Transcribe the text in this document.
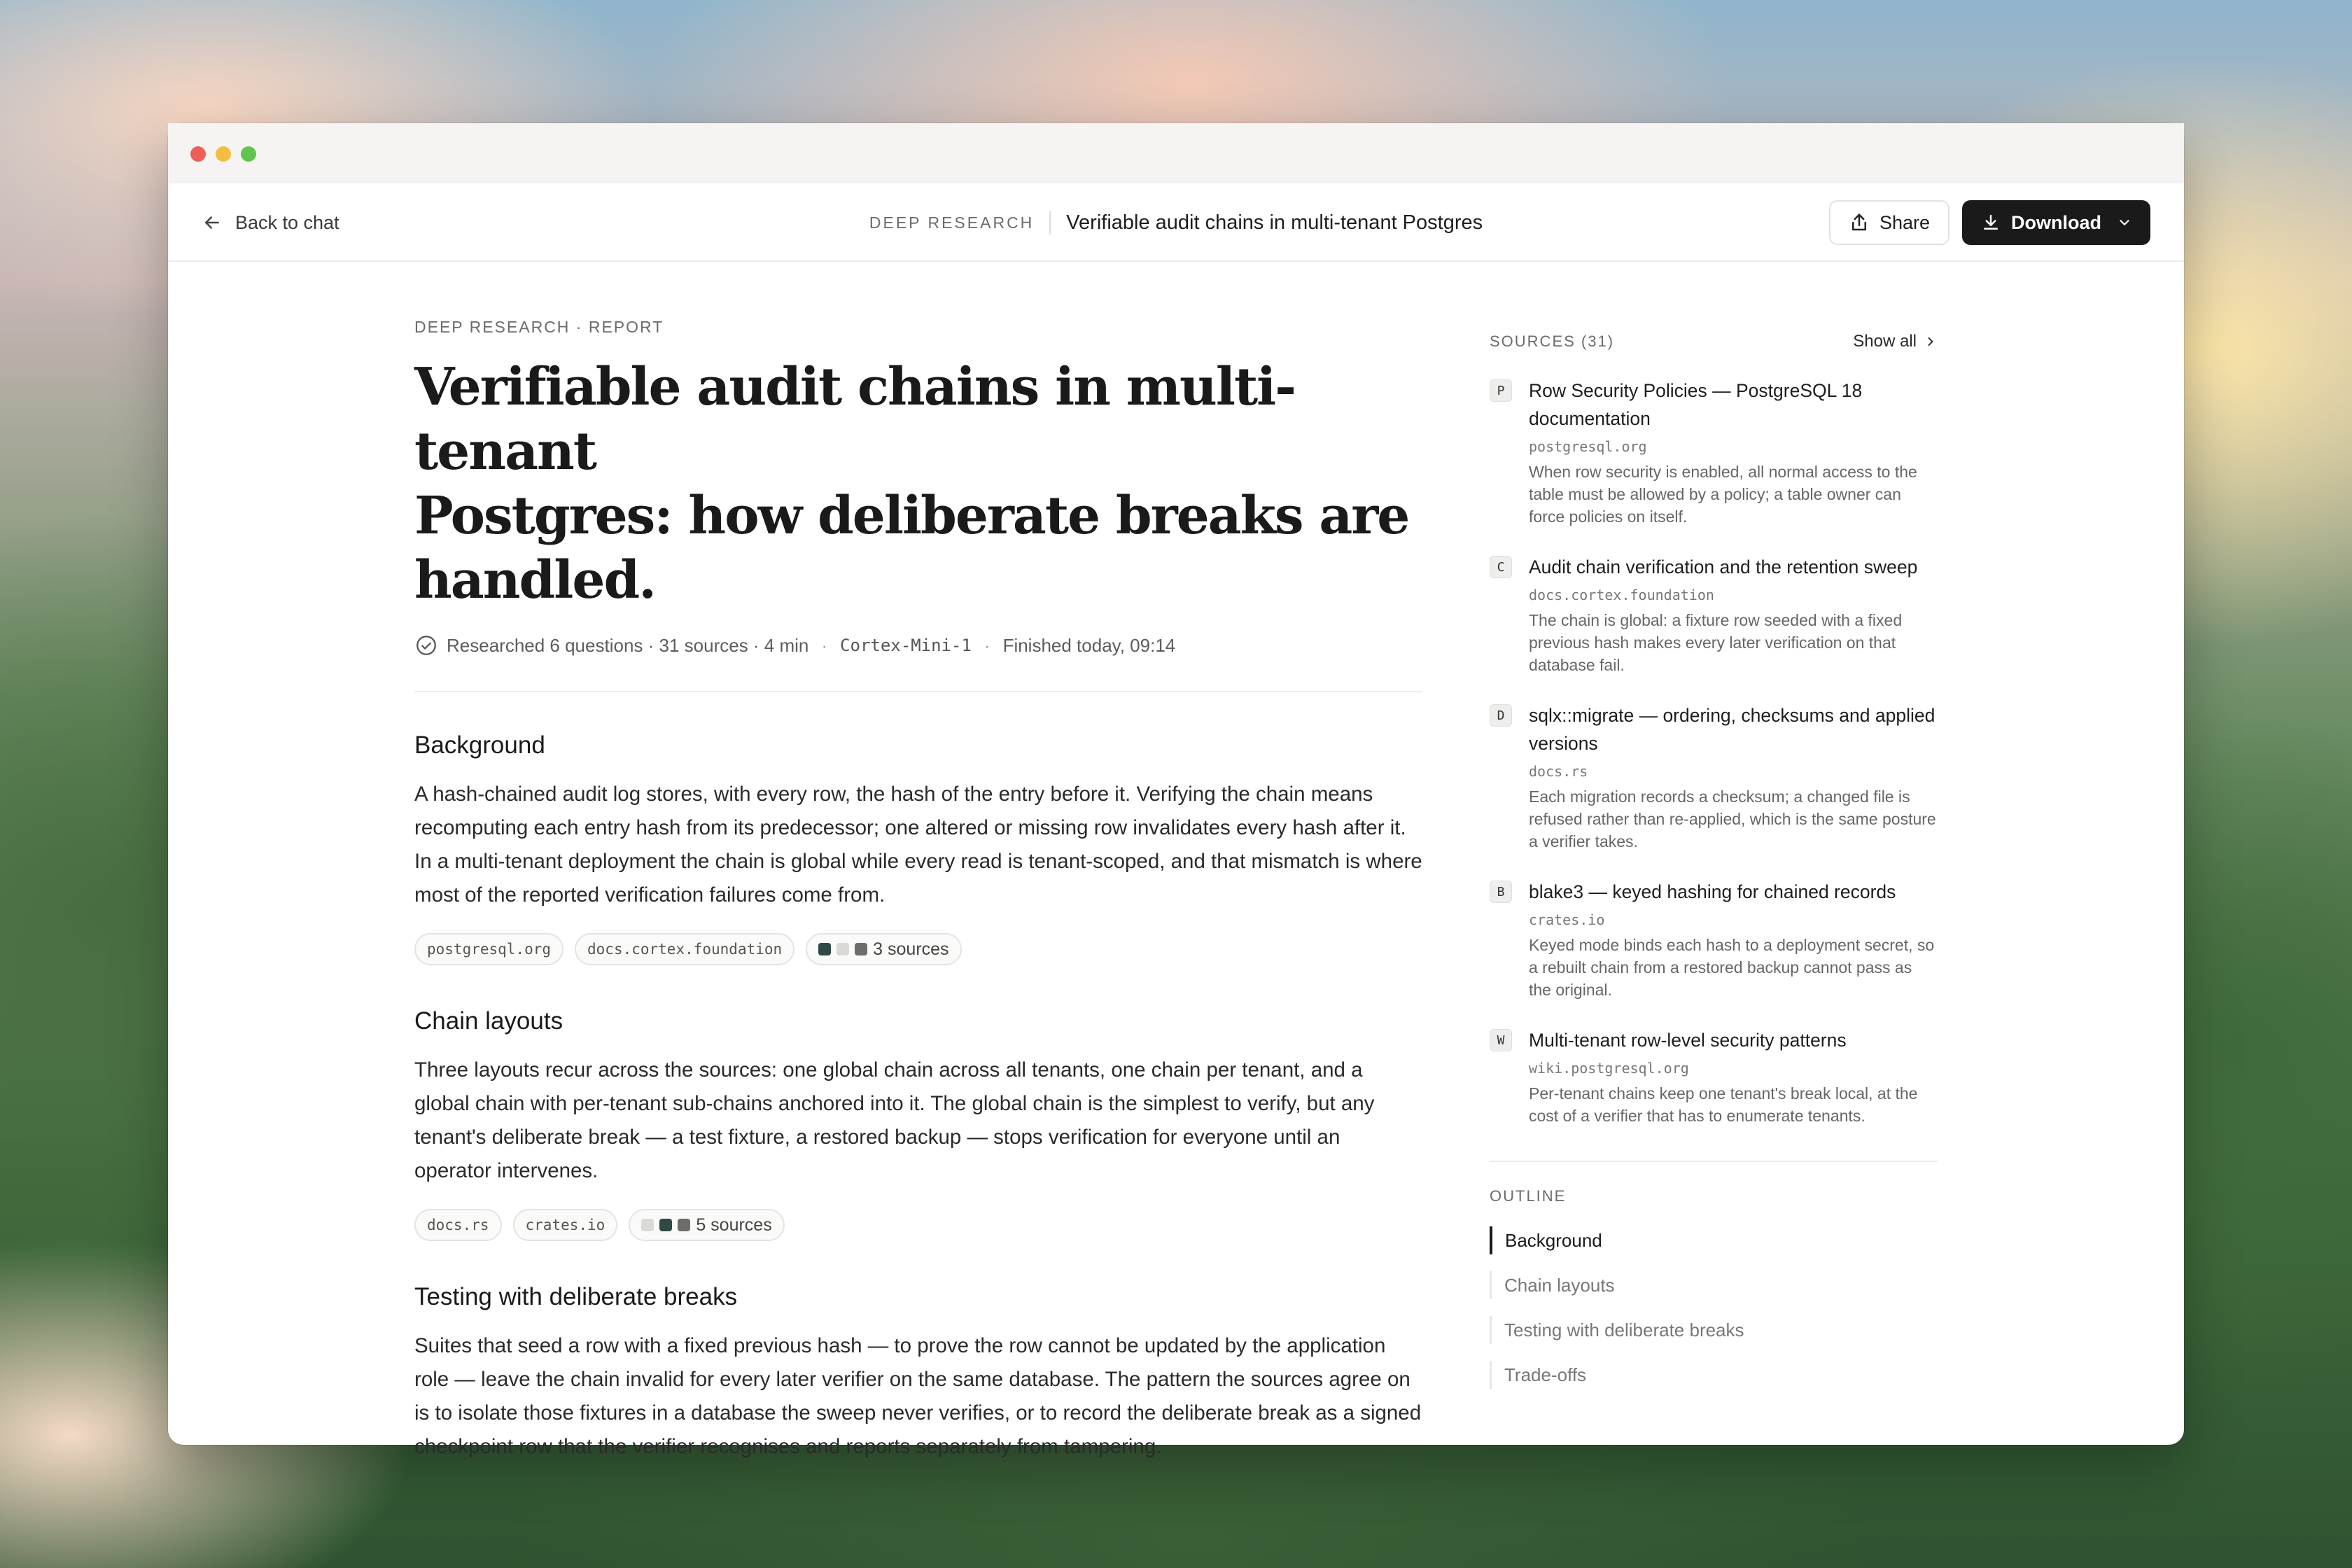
Back to chat	DEEP RESEARCH Verifiable audit chains in multi-tenant Postgres	Share	Download
DEEP RESEARCH · REPORT
Verifiable audit chains in multi-tenant
Postgres: how deliberate breaks are
handled.
Researched 6 questions · 31 sources · 4 min · Cortex-Mini-1 · Finished today, 09:14
Background

A hash-chained audit log stores, with every row, the hash of the entry before it. Verifying the chain means recomputing each entry hash from its predecessor; one altered or missing row invalidates every hash after it. In a multi-tenant deployment the chain is global while every read is tenant-scoped, and that mismatch is where most of the reported verification failures come from.

postgresql.org	docs.cortex.foundation	3 sources
Chain layouts

Three layouts recur across the sources: one global chain across all tenants, one chain per tenant, and a global chain with per-tenant sub-chains anchored into it. The global chain is the simplest to verify, but any tenant's deliberate break — a test fixture, a restored backup — stops verification for everyone until an operator intervenes.

docs.rs	crates.io	5 sources
Testing with deliberate breaks

Suites that seed a row with a fixed previous hash — to prove the row cannot be updated by the application role — leave the chain invalid for every later verifier on the same database. The pattern the sources agree on is to isolate those fixtures in a database the sweep never verifies, or to record the deliberate break as a signed checkpoint row that the verifier recognises and reports separately from tampering.

SOURCES (31)	Show all
P	Row Security Policies — PostgreSQL 18 documentation
postgresql.org
When row security is enabled, all normal access to the table must be allowed by a policy; a table owner can force policies on itself.
C	Audit chain verification and the retention sweep
docs.cortex.foundation
The chain is global: a fixture row seeded with a fixed previous hash makes every later verification on that database fail.
D	sqlx::migrate — ordering, checksums and applied versions
docs.rs
Each migration records a checksum; a changed file is refused rather than re-applied, which is the same posture a verifier takes.
B	blake3 — keyed hashing for chained records
crates.io
Keyed mode binds each hash to a deployment secret, so a rebuilt chain from a restored backup cannot pass as the original.
W	Multi-tenant row-level security patterns
wiki.postgresql.org
Per-tenant chains keep one tenant's break local, at the cost of a verifier that has to enumerate tenants.
OUTLINE
Background
Chain layouts
Testing with deliberate breaks
Trade-offs
